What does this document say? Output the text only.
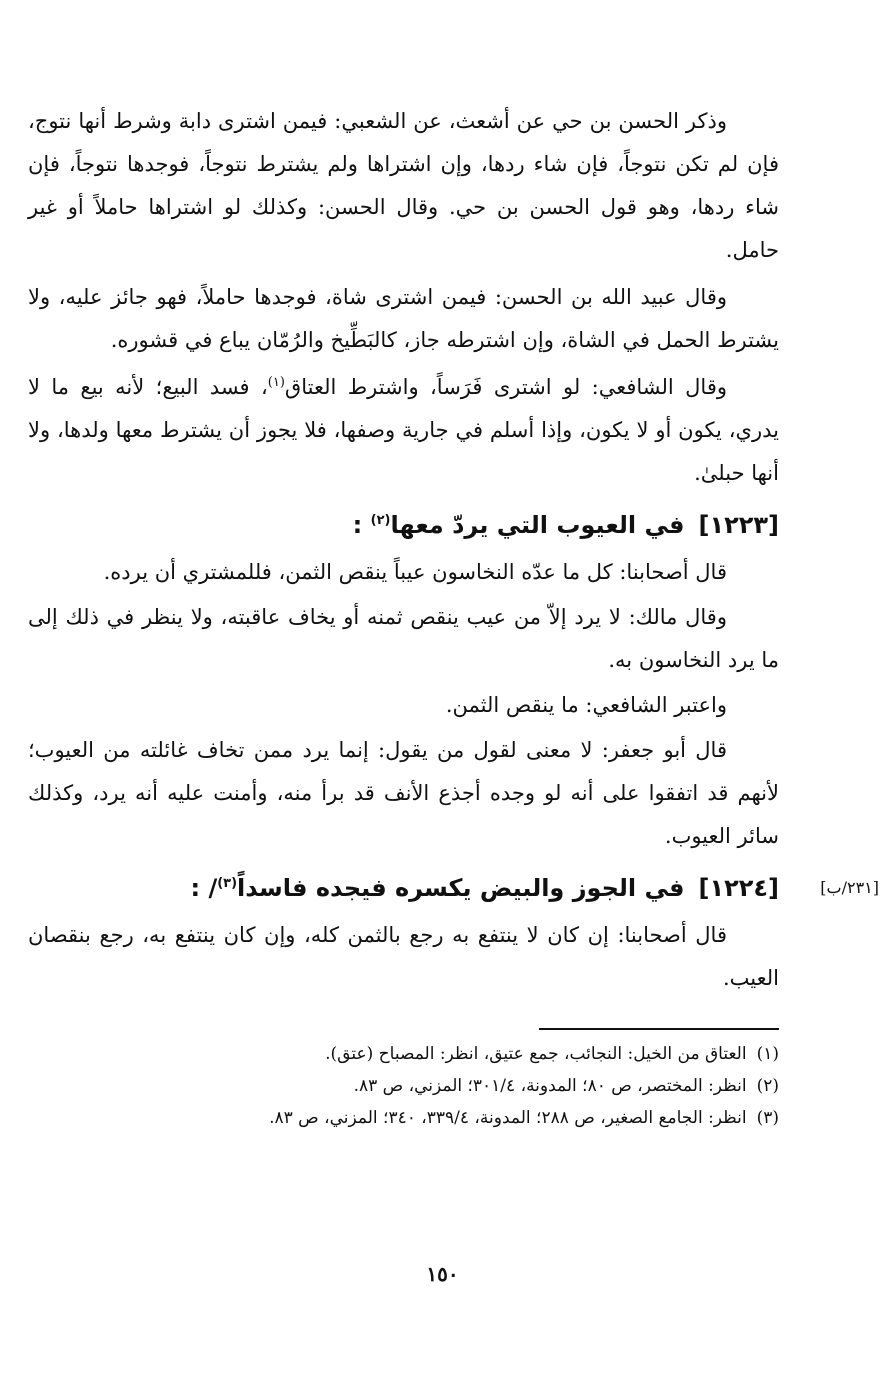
وذكر الحسن بن حي عن أشعث، عن الشعبي: فيمن اشترى دابة وشرط أنها نتوج، فإن لم تكن نتوجاً، فإن شاء ردها، وإن اشتراها ولم يشترط نتوجاً، فوجدها نتوجاً، فإن شاء ردها، وهو قول الحسن بن حي. وقال الحسن: وكذلك لو اشتراها حاملاً أو غير حامل.

وقال عبيد الله بن الحسن: فيمن اشترى شاة، فوجدها حاملاً، فهو جائز عليه، ولا يشترط الحمل في الشاة، وإن اشترطه جاز، كالبَطِّيخ والرُمّان يباع في قشوره.

وقال الشافعي: لو اشترى فَرَساً، واشترط العتاق$^{(١)}$، فسد البيع؛ لأنه بيع ما لا يدري، يكون أو لا يكون، وإذا أسلم في جارية وصفها، فلا يجوز أن يشترط معها ولدها، ولا أنها حبلىٰ.

[١٢٢٣]في العيوب التي يردّ معها$^{(٢)}$ :

قال أصحابنا: كل ما عدّه النخاسون عيباً ينقص الثمن، فللمشتري أن يرده.

وقال مالك: لا يرد إلاّ من عيب ينقص ثمنه أو يخاف عاقبته، ولا ينظر في ذلك إلى ما يرد النخاسون به.

واعتبر الشافعي: ما ينقص الثمن.

قال أبو جعفر: لا معنى لقول من يقول: إنما يرد ممن تخاف غائلته من العيوب؛ لأنهم قد اتفقوا على أنه لو وجده أجذع الأنف قد برأ منه، وأمنت عليه أنه يرد، وكذلك سائر العيوب.

[٢٣١/ب]
[١٢٢٤]في الجوز والبيض يكسره فيجده فاسداً$^{(٣)}$/ :

قال أصحابنا: إن كان لا ينتفع به رجع بالثمن كله، وإن كان ينتفع به، رجع بنقصان العيب.

(١)العتاق من الخيل: النجائب، جمع عتيق، انظر: المصباح (عتق).

(٢)انظر: المختصر، ص ٨٠؛ المدونة، ٣٠١/٤؛ المزني، ص ٨٣.

(٣)انظر: الجامع الصغير، ص ٢٨٨؛ المدونة، ٣٣٩/٤، ٣٤٠؛ المزني، ص ٨٣.

١٥٠
